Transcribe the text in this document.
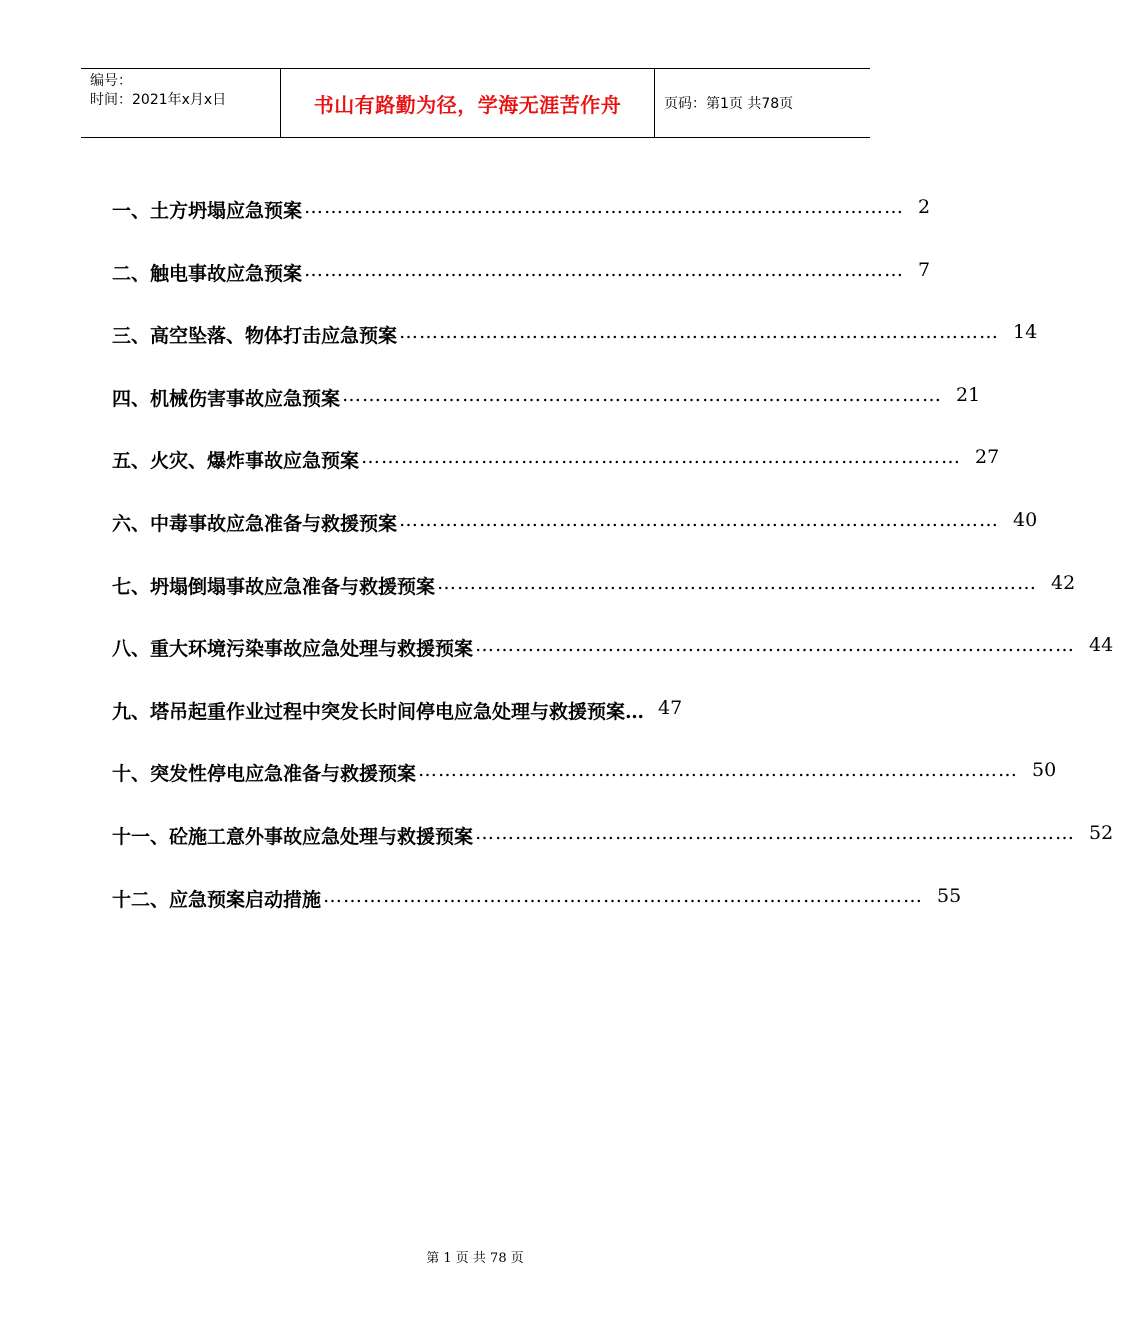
编号：
时间：2021年x月x日	书山有路勤为径，学海无涯苦作舟	页码：第1页 共78页
一、土方坍塌应急预案 ……………………………………………………………………………… 2
二、触电事故应急预案 ……………………………………………………………………………… 7
三、高空坠落、物体打击应急预案 ……………………………………………………………………………… 14
四、机械伤害事故应急预案 ……………………………………………………………………………… 21
五、火灾、爆炸事故应急预案 ……………………………………………………………………………… 27
六、中毒事故应急准备与救援预案 ……………………………………………………………………………… 40
七、坍塌倒塌事故应急准备与救援预案 ……………………………………………………………………………… 42
八、重大环境污染事故应急处理与救援预案 ……………………………………………………………………………… 44
九、塔吊起重作业过程中突发长时间停电应急处理与救援预案… 47
十、突发性停电应急准备与救援预案 ……………………………………………………………………………… 50
十一、砼施工意外事故应急处理与救援预案 ……………………………………………………………………………… 52
十二、应急预案启动措施 ……………………………………………………………………………… 55
第 1 页 共 78 页
